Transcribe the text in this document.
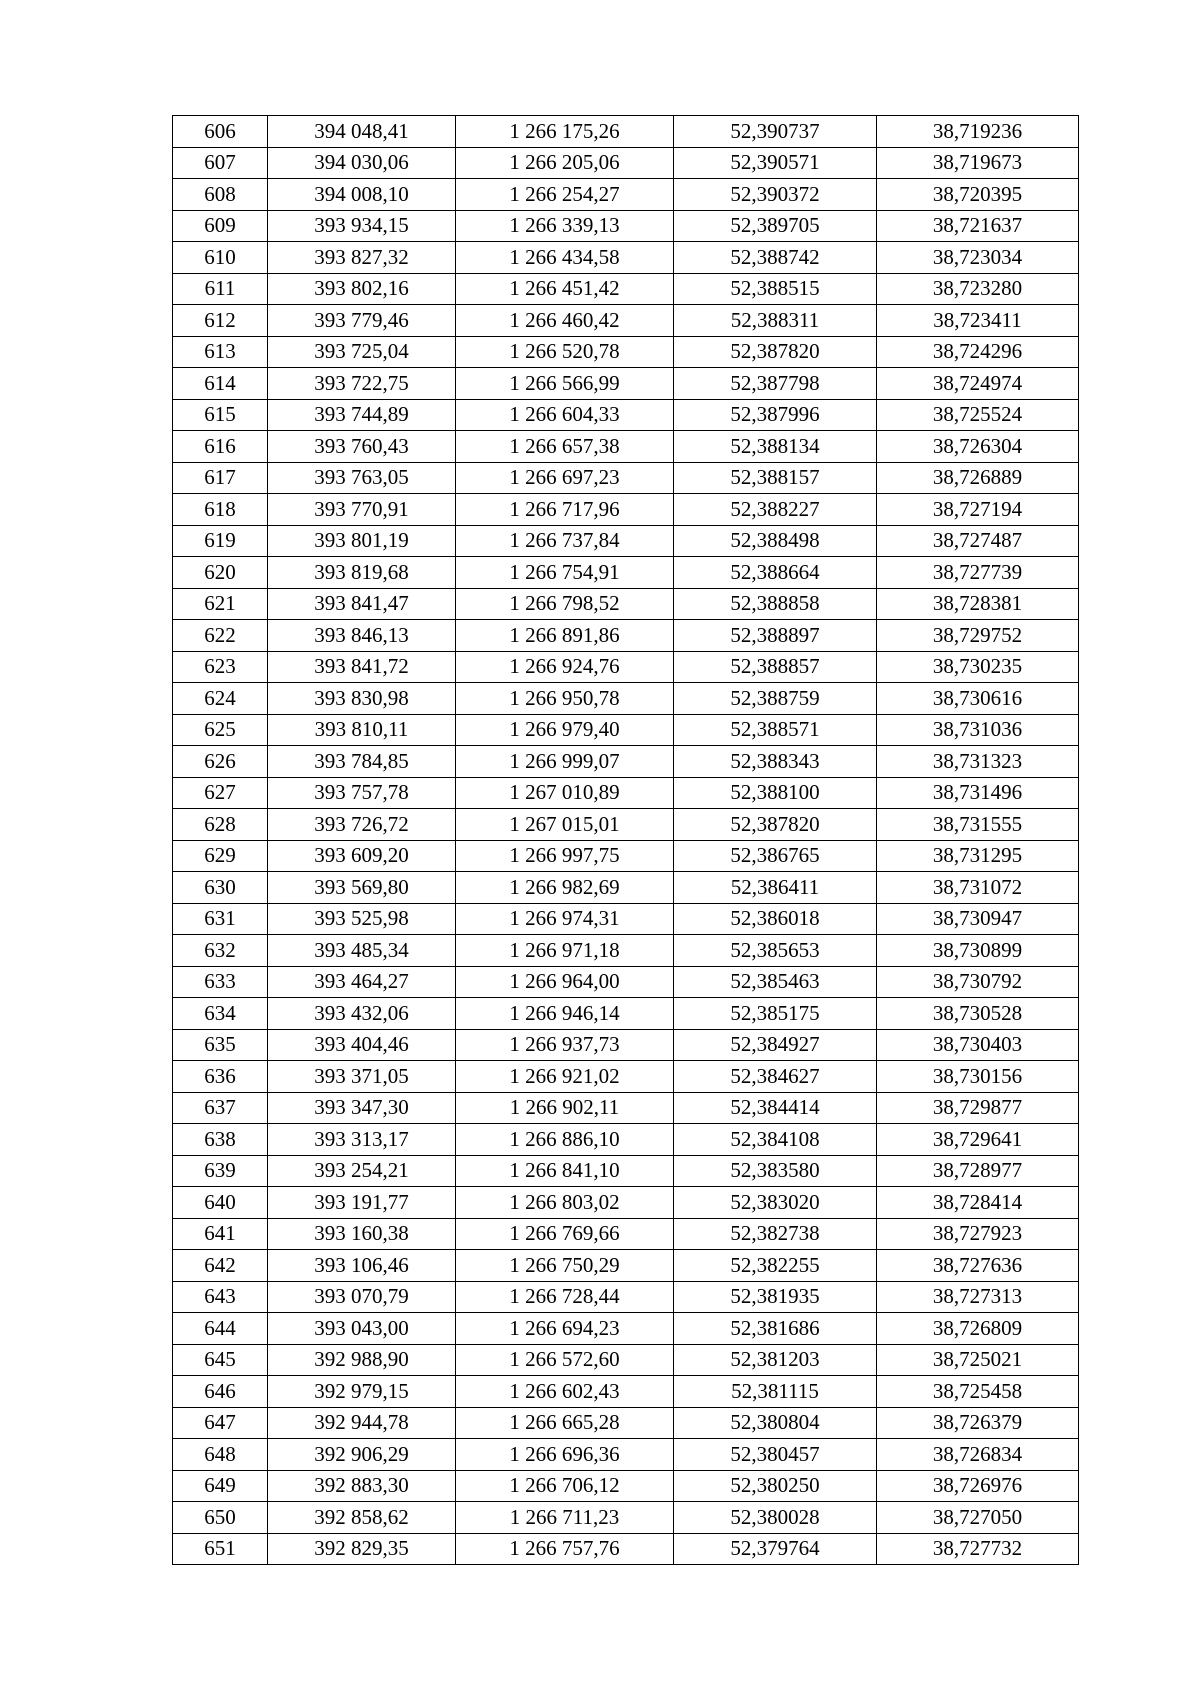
606	394 048,41	1 266 175,26	52,390737	38,719236
607	394 030,06	1 266 205,06	52,390571	38,719673
608	394 008,10	1 266 254,27	52,390372	38,720395
609	393 934,15	1 266 339,13	52,389705	38,721637
610	393 827,32	1 266 434,58	52,388742	38,723034
611	393 802,16	1 266 451,42	52,388515	38,723280
612	393 779,46	1 266 460,42	52,388311	38,723411
613	393 725,04	1 266 520,78	52,387820	38,724296
614	393 722,75	1 266 566,99	52,387798	38,724974
615	393 744,89	1 266 604,33	52,387996	38,725524
616	393 760,43	1 266 657,38	52,388134	38,726304
617	393 763,05	1 266 697,23	52,388157	38,726889
618	393 770,91	1 266 717,96	52,388227	38,727194
619	393 801,19	1 266 737,84	52,388498	38,727487
620	393 819,68	1 266 754,91	52,388664	38,727739
621	393 841,47	1 266 798,52	52,388858	38,728381
622	393 846,13	1 266 891,86	52,388897	38,729752
623	393 841,72	1 266 924,76	52,388857	38,730235
624	393 830,98	1 266 950,78	52,388759	38,730616
625	393 810,11	1 266 979,40	52,388571	38,731036
626	393 784,85	1 266 999,07	52,388343	38,731323
627	393 757,78	1 267 010,89	52,388100	38,731496
628	393 726,72	1 267 015,01	52,387820	38,731555
629	393 609,20	1 266 997,75	52,386765	38,731295
630	393 569,80	1 266 982,69	52,386411	38,731072
631	393 525,98	1 266 974,31	52,386018	38,730947
632	393 485,34	1 266 971,18	52,385653	38,730899
633	393 464,27	1 266 964,00	52,385463	38,730792
634	393 432,06	1 266 946,14	52,385175	38,730528
635	393 404,46	1 266 937,73	52,384927	38,730403
636	393 371,05	1 266 921,02	52,384627	38,730156
637	393 347,30	1 266 902,11	52,384414	38,729877
638	393 313,17	1 266 886,10	52,384108	38,729641
639	393 254,21	1 266 841,10	52,383580	38,728977
640	393 191,77	1 266 803,02	52,383020	38,728414
641	393 160,38	1 266 769,66	52,382738	38,727923
642	393 106,46	1 266 750,29	52,382255	38,727636
643	393 070,79	1 266 728,44	52,381935	38,727313
644	393 043,00	1 266 694,23	52,381686	38,726809
645	392 988,90	1 266 572,60	52,381203	38,725021
646	392 979,15	1 266 602,43	52,381115	38,725458
647	392 944,78	1 266 665,28	52,380804	38,726379
648	392 906,29	1 266 696,36	52,380457	38,726834
649	392 883,30	1 266 706,12	52,380250	38,726976
650	392 858,62	1 266 711,23	52,380028	38,727050
651	392 829,35	1 266 757,76	52,379764	38,727732
